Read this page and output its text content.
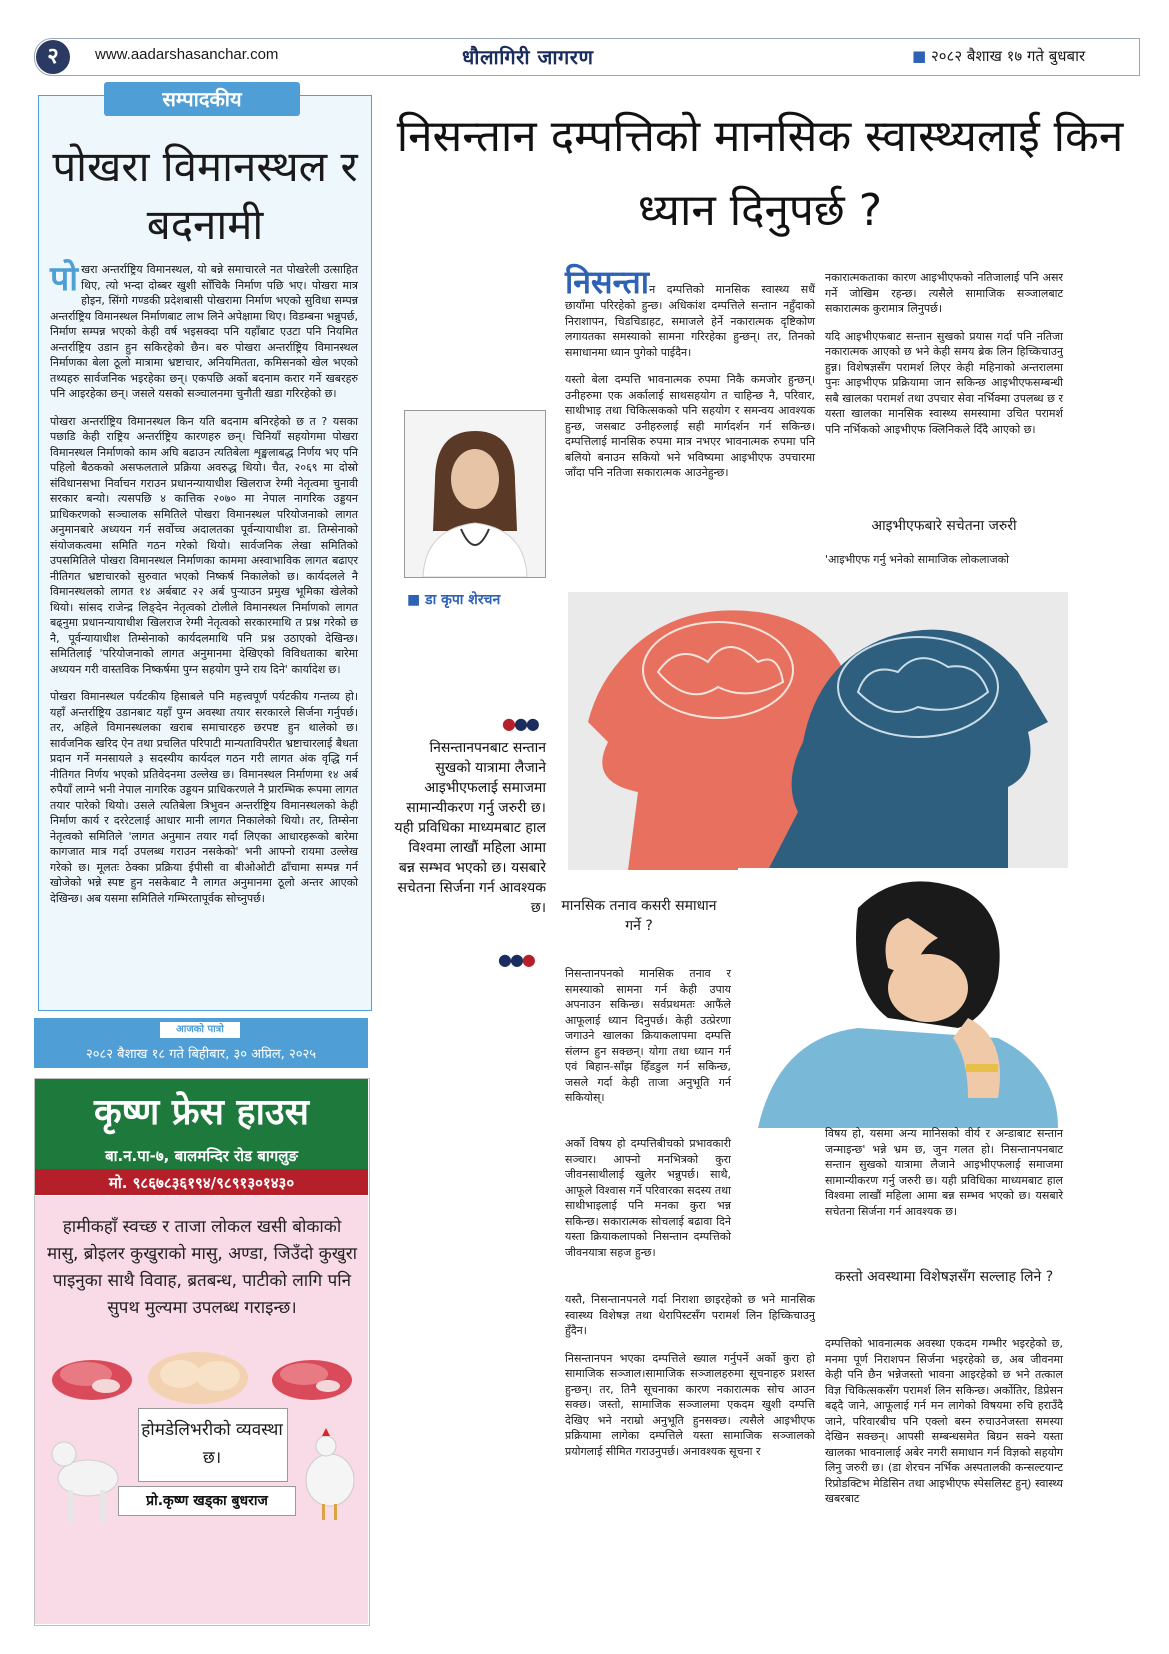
२	www.aadarshasanchar.com	धौलागिरी जागरण	■ २०८२ बैशाख १७ गते बुधबार
सम्पादकीय
पोखरा विमानस्थल र बदनामी

पोखरा अन्तर्राष्ट्रिय विमानस्थल, यो बन्ने समाचारले नत पोखरेली उत्साहित थिए, त्यो भन्दा दोब्बर खुशी सोँचिकै निर्माण पछि भए। पोखरा मात्र होइन, सिंगो गण्डकी प्रदेशबासी पोखरामा निर्माण भएको सुविधा सम्पन्न अन्तर्राष्ट्रिय विमानस्थल निर्माणबाट लाभ लिने अपेक्षामा थिए। विडम्बना भन्नुपर्छ, निर्माण सम्पन्न भएको केही वर्ष भइसक्दा पनि यहाँबाट एउटा पनि नियमित अन्तर्राष्ट्रिय उडान हुन सकिरहेको छैन। बरु पोखरा अन्तर्राष्ट्रिय विमानस्थल निर्माणका बेला ठूलो मात्रामा भ्रष्टाचार, अनियमितता, कमिसनको खेल भएको तथ्यहरु सार्वजनिक भइरहेका छन्। एकपछि अर्को बदनाम करार गर्ने खबरहरु पनि आइरहेका छन्। जसले यसको सञ्चालनमा चुनौती खडा गरिरहेको छ।

पोखरा अन्तर्राष्ट्रिय विमानस्थल किन यति बदनाम बनिरहेको छ त ? यसका पछाडि केही राष्ट्रिय अन्तर्राष्ट्रिय कारणहरु छन्। चिनियाँ सहयोगमा पोखरा विमानस्थल निर्माणको काम अघि बढाउन त्यतिबेला शृङ्खलाबद्ध निर्णय भए पनि पहिलो बैठकको असफलताले प्रक्रिया अवरुद्ध थियो। चैत, २०६९ मा दोस्रो संविधानसभा निर्वाचन गराउन प्रधानन्यायाधीश खिलराज रेग्मी नेतृत्वमा चुनावी सरकार बन्यो। त्यसपछि ४ कात्तिक २०७० मा नेपाल नागरिक उड्डयन प्राधिकरणको सञ्चालक समितिले पोखरा विमानस्थल परियोजनाको लागत अनुमानबारे अध्ययन गर्न सर्वोच्च अदालतका पूर्वन्यायाधीश डा. तिम्सेनाको संयोजकत्वमा समिति गठन गरेको थियो। सार्वजनिक लेखा समितिको उपसमितिले पोखरा विमानस्थल निर्माणका काममा अस्वाभाविक लागत बढाएर नीतिगत भ्रष्टाचारको सुरुवात भएको निष्कर्ष निकालेको छ। कार्यदलले नै विमानस्थलको लागत १४ अर्बबाट २२ अर्ब पुर्‍याउन प्रमुख भूमिका खेलेको थियो। सांसद राजेन्द्र लिङ्देन नेतृत्वको टोलीले विमानस्थल निर्माणको लागत बढ्नुमा प्रधानन्यायाधीश खिलराज रेग्मी नेतृत्वको सरकारमाथि त प्रश्न गरेको छ नै, पूर्वन्यायाधीश तिम्सेनाको कार्यदलमाथि पनि प्रश्न उठाएको देखिन्छ। समितिलाई 'परियोजनाको लागत अनुमानमा देखिएको विविधताका बारेमा अध्ययन गरी वास्तविक निष्कर्षमा पुग्न सहयोग पुग्ने राय दिने' कार्यादेश छ।

पोखरा विमानस्थल पर्यटकीय हिसाबले पनि महत्त्वपूर्ण पर्यटकीय गन्तव्य हो। यहाँ अन्तर्राष्ट्रिय उडानबाट यहाँ पुग्न अवस्था तयार सरकारले सिर्जना गर्नुपर्छ। तर, अहिले विमानस्थलका खराब समाचारहरु छरपष्ट हुन थालेको छ। सार्वजनिक खरिद ऐन तथा प्रचलित परिपाटी मान्यताविपरीत भ्रष्टाचारलाई बैधता प्रदान गर्ने मनसायले ३ सदस्यीय कार्यदल गठन गरी लागत अंक वृद्धि गर्न नीतिगत निर्णय भएको प्रतिवेदनमा उल्लेख छ। विमानस्थल निर्माणमा १४ अर्ब रुपैयाँ लाग्ने भनी नेपाल नागरिक उड्डयन प्राधिकरणले नै प्रारम्भिक रूपमा लागत तयार पारेको थियो। उसले त्यतिबेला त्रिभुवन अन्तर्राष्ट्रिय विमानस्थलको केही निर्माण कार्य र दररेटलाई आधार मानी लागत निकालेको थियो। तर, तिम्सेना नेतृत्वको समितिले 'लागत अनुमान तयार गर्दा लिएका आधारहरूको बारेमा कागजात मात्र गर्दा उपलब्ध गराउन नसकेको' भनी आफ्नो रायमा उल्लेख गरेको छ। मूलतः ठेक्का प्रक्रिया ईपीसी वा बीओओटी ढाँचामा सम्पन्न गर्न खोजेको भन्ने स्पष्ट हुन नसकेबाट नै लागत अनुमानमा ठूलो अन्तर आएको देखिन्छ। अब यसमा समितिले गम्भिरतापूर्वक सोच्नुपर्छ।

आजको पात्रो
२०८२ बैशाख १८ गते बिहीबार, ३० अप्रिल, २०२५
कृष्ण फ्रेस हाउस
बा.न.पा-७, बालमन्दिर रोड बागलुङ
मो. ९८६७८३६१९४/९८९१३०१४३०
हामीकहाँ स्वच्छ र ताजा लोकल खसी बोकाको मासु, ब्रोइलर कुखुराको मासु, अण्डा, जिउँदो कुखुरा पाइनुका साथै विवाह, ब्रतबन्ध, पाटीको लागि पनि सुपथ मुल्यमा उपलब्ध गराइन्छ।
होमडेलिभरीको व्यवस्था छ।
प्रो.कृष्ण खड्का बुधराज
निसन्तान दम्पत्तिको मानसिक स्वास्थ्यलाई किन ध्यान दिनुपर्छ ?
■ डा कृपा शेरचन

निसन्तान दम्पत्तिको मानसिक स्वास्थ्य सधैं छायाँमा परिरहेको हुन्छ। अधिकांश दम्पत्तिले सन्तान नहुँदाको निराशापन, चिडचिडाहट, समाजले हेर्ने नकारात्मक दृष्टिकोण लगायतका समस्याको सामना गरिरहेका हुन्छन्। तर, तिनको समाधानमा ध्यान पुगेको पाईदैन।

यस्तो बेला दम्पत्ति भावनात्मक रुपमा निकै कमजोर हुन्छन्। उनीहरुमा एक अर्कालाई साथसहयोग त चाहिन्छ नै, परिवार, साथीभाइ तथा चिकित्सकको पनि सहयोग र समन्वय आवश्यक हुन्छ, जसबाट उनीहरुलाई सही मार्गदर्शन गर्न सकिन्छ। दम्पत्तिलाई मानसिक रुपमा मात्र नभएर भावनात्मक रुपमा पनि बलियो बनाउन सकियो भने भविष्यमा आइभीएफ उपचारमा जाँदा पनि नतिजा सकारात्मक आउनेहुन्छ।

नकारात्मकताका कारण आइभीएफको नतिजालाई पनि असर गर्ने जोखिम रहन्छ। त्यसैले सामाजिक सञ्जालबाट सकारात्मक कुरामात्र लिनुपर्छ।

यदि आइभीएफबाट सन्तान सुखको प्रयास गर्दा पनि नतिजा नकारात्मक आएको छ भने केही समय ब्रेक लिन हिच्किचाउनु हुन्न। विशेषज्ञसँग परामर्श लिएर केही महिनाको अन्तरालमा पुनः आइभीएफ प्रक्रियामा जान सकिन्छ आइभीएफसम्बन्धी सबै खालका परामर्श तथा उपचार सेवा नर्भिक्मा उपलब्ध छ र यस्ता खालका मानसिक स्वास्थ्य समस्यामा उचित परामर्श पनि नर्भिकको आइभीएफ क्लिनिकले दिँदै आएको छ।

आइभीएफबारे सचेतना जरुरी
'आइभीएफ गर्नु भनेको सामाजिक लोकलाजको
●●●
निसन्तानपनबाट सन्तान सुखको यात्रामा लैजाने आइभीएफलाई समाजमा सामान्यीकरण गर्नु जरुरी छ। यही प्रविधिका माध्यमबाट हाल विश्वमा लाखौं महिला आमा बन्न सम्भव भएको छ। यसबारे सचेतना सिर्जना गर्न आवश्यक छ।
●●●
मानसिक तनाव कसरी समाधान गर्ने ?
निसन्तानपनको मानसिक तनाव र समस्याको सामना गर्न केही उपाय अपनाउन सकिन्छ। सर्वप्रथमतः आफैंले आफूलाई ध्यान दिनुपर्छ। केही उत्प्रेरणा जगाउने खालका क्रियाकलापमा दम्पत्ति संलग्न हुन सक्छन्। योगा तथा ध्यान गर्न एवं बिहान-साँझ हिँडडुल गर्न सकिन्छ, जसले गर्दा केही ताजा अनुभूति गर्न सकियोस्।

अर्को विषय हो दम्पत्तिबीचको प्रभावकारी सञ्चार। आफ्नो मनभित्रको कुरा जीवनसाथीलाई खुलेर भन्नुपर्छ। साथै, आफूले विश्वास गर्ने परिवारका सदस्य तथा साथीभाइलाई पनि मनका कुरा भन्न सकिन्छ। सकारात्मक सोचलाई बढावा दिने यस्ता क्रियाकलापको निसन्तान दम्पत्तिको जीवनयात्रा सहज हुन्छ।

यस्तै, निसन्तानपनले गर्दा निराशा छाइरहेको छ भने मानसिक स्वास्थ्य विशेषज्ञ तथा थेरापिस्टसँग परामर्श लिन हिच्किचाउनु हुँदैन।

निसन्तानपन भएका दम्पत्तिले ख्याल गर्नुपर्ने अर्को कुरा हो सामाजिक सञ्जाल।सामाजिक सञ्जालहरुमा सूचनाहरु प्रशस्त हुन्छन्। तर, तिनै सूचनाका कारण नकारात्मक सोच आउन सक्छ। जस्तो, सामाजिक सञ्जालमा एकदम खुशी दम्पत्ति देखिए भने नराम्रो अनुभूति हुनसक्छ। त्यसैले आइभीएफ प्रक्रियामा लागेका दम्पत्तिले यस्ता सामाजिक सञ्जालको प्रयोगलाई सीमित गराउनुपर्छ। अनावश्यक सूचना र

विषय हो, यसमा अन्य मानिसको वीर्य र अन्डाबाट सन्तान जन्माइन्छ' भन्ने भ्रम छ, जुन गलत हो। निसन्तानपनबाट सन्तान सुखको यात्रामा लैजाने आइभीएफलाई समाजमा सामान्यीकरण गर्नु जरुरी छ। यही प्रविधिका माध्यमबाट हाल विश्वमा लाखौं महिला आमा बन्न सम्भव भएको छ। यसबारे सचेतना सिर्जना गर्न आवश्यक छ।
कस्तो अवस्थामा विशेषज्ञसँग सल्लाह लिने ?
दम्पत्तिको भावनात्मक अवस्था एकदम गम्भीर भइरहेको छ, मनमा पूर्ण निराशपन सिर्जना भइरहेको छ, अब जीवनमा केही पनि छैन भन्नेजस्तो भावना आइरहेको छ भने तत्काल विज्ञ चिकित्सकसँग परामर्श लिन सकिन्छ। अर्कोतिर, डिप्रेसन बढ्दै जाने, आफूलाई गर्न मन लागेको विषयमा रुचि हराउँदै जाने, परिवारबीच पनि एक्लो बस्न रुचाउनेजस्ता समस्या देखिन सक्छन्। आपसी सम्बन्धसमेत बिग्रन सक्ने यस्ता खालका भावनालाई अबेर नगरी समाधान गर्न विज्ञको सहयोग लिनु जरुरी छ। (डा शेरचन नर्भिक अस्पतालकी कन्सल्टयान्ट रिप्रोडक्टिभ मेडिसिन तथा आइभीएफ स्पेसलिस्ट हुन्) स्वास्थ्य खबरबाट
